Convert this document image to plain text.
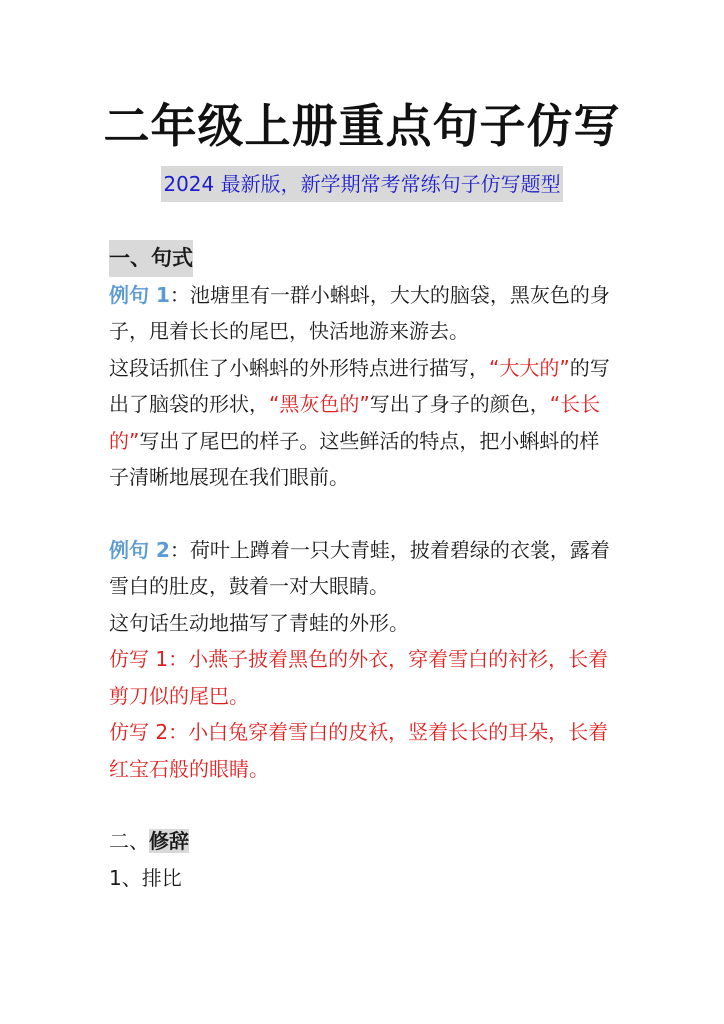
二年级上册重点句子仿写
2024 最新版，新学期常考常练句子仿写题型
一、句式

例句 1：池塘里有一群小蝌蚪，大大的脑袋，黑灰色的身子，甩着长长的尾巴，快活地游来游去。

这段话抓住了小蝌蚪的外形特点进行描写，“大大的”的写出了脑袋的形状，“黑灰色的”写出了身子的颜色，“长长的”写出了尾巴的样子。这些鲜活的特点，把小蝌蚪的样子清晰地展现在我们眼前。

例句 2：荷叶上蹲着一只大青蛙，披着碧绿的衣裳，露着雪白的肚皮，鼓着一对大眼睛。

这句话生动地描写了青蛙的外形。

仿写 1：小燕子披着黑色的外衣，穿着雪白的衬衫，长着剪刀似的尾巴。

仿写 2：小白兔穿着雪白的皮袄，竖着长长的耳朵，长着红宝石般的眼睛。

二、修辞

1、排比
